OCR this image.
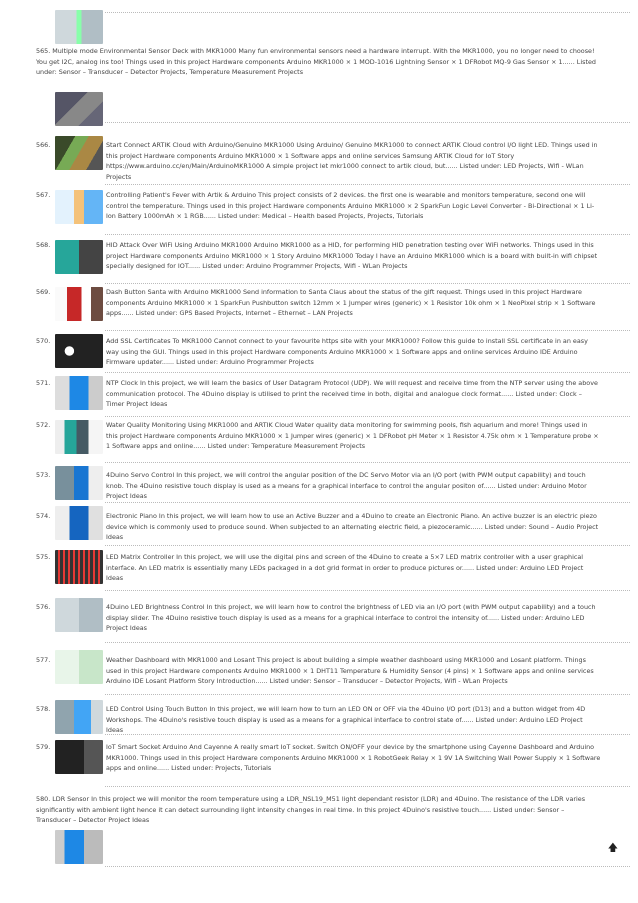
565. Multiple mode Environmental Sensor Deck with MKR1000 Many fun environmental sensors need a hardware interrupt. With the MKR1000, you no longer need to choose! You get I2C, analog ins too! Things used in this project Hardware components Arduino MKR1000 × 1 MOD-1016 Lightning Sensor × 1 DFRobot MQ-9 Gas Sensor × 1...... Listed under: Sensor – Transducer – Detector Projects, Temperature Measurement Projects
566.	Start Connect ARTIK Cloud with Arduino/Genuino MKR1000 Using Arduino/ Genuino MKR1000 to connect ARTIK Cloud control I/O light LED. Things used in this project Hardware components Arduino MKR1000 × 1 Software apps and online services Samsung ARTIK Cloud for IoT Story https://www.arduino.cc/en/Main/ArduinoMKR1000 A simple project let mkr1000 connect to artik cloud, but...... Listed under: LED Projects, Wifi - WLan Projects
567.	Controlling Patient's Fever with Artik & Arduino This project consists of 2 devices. the first one is wearable and monitors temperature, second one will control the temperature. Things used in this project Hardware components Arduino MKR1000 × 2 SparkFun Logic Level Converter - Bi-Directional × 1 Li-Ion Battery 1000mAh × 1 RGB...... Listed under: Medical – Health based Projects, Projects, Tutorials
568.	HID Attack Over WiFi Using Arduino MKR1000 Arduino MKR1000 as a HID, for performing HID penetration testing over WiFi networks. Things used in this project Hardware components Arduino MKR1000 × 1 Story Arduino MKR1000 Today I have an Arduino MKR1000 which is a board with built-in wifi chipset specially designed for IOT...... Listed under: Arduino Programmer Projects, Wifi - WLan Projects
569.	Dash Button Santa with Arduino MKR1000 Send information to Santa Claus about the status of the gift request. Things used in this project Hardware components Arduino MKR1000 × 1 SparkFun Pushbutton switch 12mm × 1 Jumper wires (generic) × 1 Resistor 10k ohm × 1 NeoPixel strip × 1 Software apps...... Listed under: GPS Based Projects, Internet – Ethernet – LAN Projects
570.	Add SSL Certificates To MKR1000 Cannot connect to your favourite https site with your MKR1000? Follow this guide to install SSL certificate in an easy way using the GUI. Things used in this project Hardware components Arduino MKR1000 × 1 Software apps and online services Arduino IDE Arduino Firmware updater...... Listed under: Arduino Programmer Projects
571.	NTP Clock In this project, we will learn the basics of User Datagram Protocol (UDP). We will request and receive time from the NTP server using the above communication protocol. The 4Duino display is utilised to print the received time in both, digital and analogue clock format...... Listed under: Clock – Timer Project Ideas
572.	Water Quality Monitoring Using MKR1000 and ARTIK Cloud Water quality data monitoring for swimming pools, fish aquarium and more! Things used in this project Hardware components Arduino MKR1000 × 1 Jumper wires (generic) × 1 DFRobot pH Meter × 1 Resistor 4.75k ohm × 1 Temperature probe × 1 Software apps and online...... Listed under: Temperature Measurement Projects
573.	4Duino Servo Control In this project, we will control the angular position of the DC Servo Motor via an I/O port (with PWM output capability) and touch knob. The 4Duino resistive touch display is used as a means for a graphical interface to control the angular positon of...... Listed under: Arduino Motor Project Ideas
574.	Electronic Piano In this project, we will learn how to use an Active Buzzer and a 4Duino to create an Electronic Piano. An active buzzer is an electric piezo device which is commonly used to produce sound. When subjected to an alternating electric field, a piezoceramic...... Listed under: Sound – Audio Project Ideas
575.	LED Matrix Controller In this project, we will use the digital pins and screen of the 4Duino to create a 5×7 LED matrix controller with a user graphical interface. An LED matrix is essentially many LEDs packaged in a dot grid format in order to produce pictures or...... Listed under: Arduino LED Project Ideas
576.	4Duino LED Brightness Control In this project, we will learn how to control the brightness of LED via an I/O port (with PWM output capability) and a touch display slider. The 4Duino resistive touch display is used as a means for a graphical interface to control the intensity of...... Listed under: Arduino LED Project Ideas
577.	Weather Dashboard with MKR1000 and Losant This project is about building a simple weather dashboard using MKR1000 and Losant platform. Things used in this project Hardware components Arduino MKR1000 × 1 DHT11 Temperature & Humidity Sensor (4 pins) × 1 Software apps and online services Arduino IDE Losant Platform Story Introduction...... Listed under: Sensor – Transducer – Detector Projects, Wifi - WLan Projects
578.	LED Control Using Touch Button In this project, we will learn how to turn an LED ON or OFF via the 4Duino I/O port (D13) and a button widget from 4D Workshops. The 4Duino's resistive touch display is used as a means for a graphical interface to control state of...... Listed under: Arduino LED Project Ideas
579.	IoT Smart Socket Arduino And Cayenne A really smart IoT socket. Switch ON/OFF your device by the smartphone using Cayenne Dashboard and Arduino MKR1000. Things used in this project Hardware components Arduino MKR1000 × 1 RobotGeek Relay × 1 9V 1A Switching Wall Power Supply × 1 Software apps and online...... Listed under: Projects, Tutorials
580. LDR Sensor In this project we will monitor the room temperature using a LDR_NSL19_M51 light dependant resistor (LDR) and 4Duino. The resistance of the LDR varies significantly with ambient light hence it can detect surrounding light intensity changes in real time. In this project 4Duino's resistive touch...... Listed under: Sensor – Transducer – Detector Project Ideas
🡅
